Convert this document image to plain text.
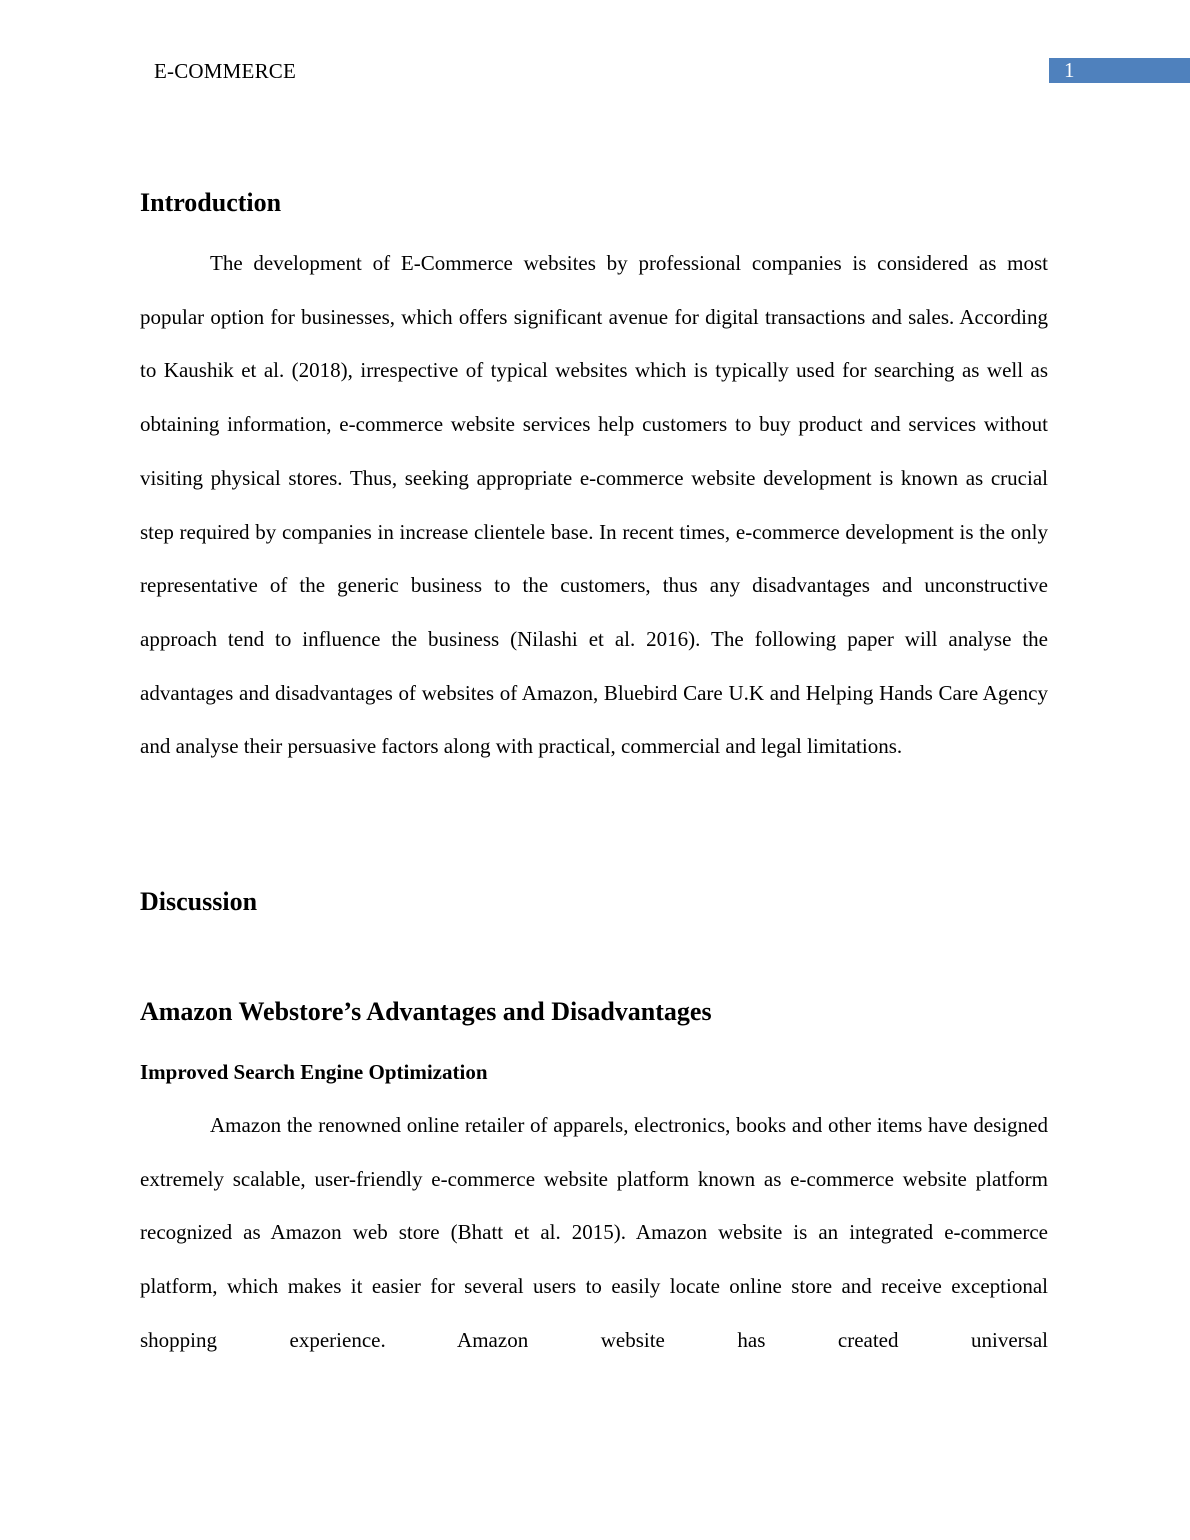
E-COMMERCE	1
Introduction

The development of E-Commerce websites by professional companies is considered as most popular option for businesses, which offers significant avenue for digital transactions and sales. According to Kaushik et al. (2018), irrespective of typical websites which is typically used for searching as well as obtaining information, e-commerce website services help customers to buy product and services without visiting physical stores. Thus, seeking appropriate e-commerce website development is known as crucial step required by companies in increase clientele base. In recent times, e-commerce development is the only representative of the generic business to the customers, thus any disadvantages and unconstructive approach tend to influence the business (Nilashi et al. 2016). The following paper will analyse the advantages and disadvantages of websites of Amazon, Bluebird Care U.K and Helping Hands Care Agency and analyse their persuasive factors along with practical, commercial and legal limitations.

Discussion
Amazon Webstore’s Advantages and Disadvantages
Improved Search Engine Optimization

Amazon the renowned online retailer of apparels, electronics, books and other items have designed extremely scalable, user-friendly e-commerce website platform known as e-commerce website platform recognized as Amazon web store (Bhatt et al. 2015). Amazon website is an integrated e-commerce platform, which makes it easier for several users to easily locate online store and receive exceptional shopping experience. Amazon website has created universal
